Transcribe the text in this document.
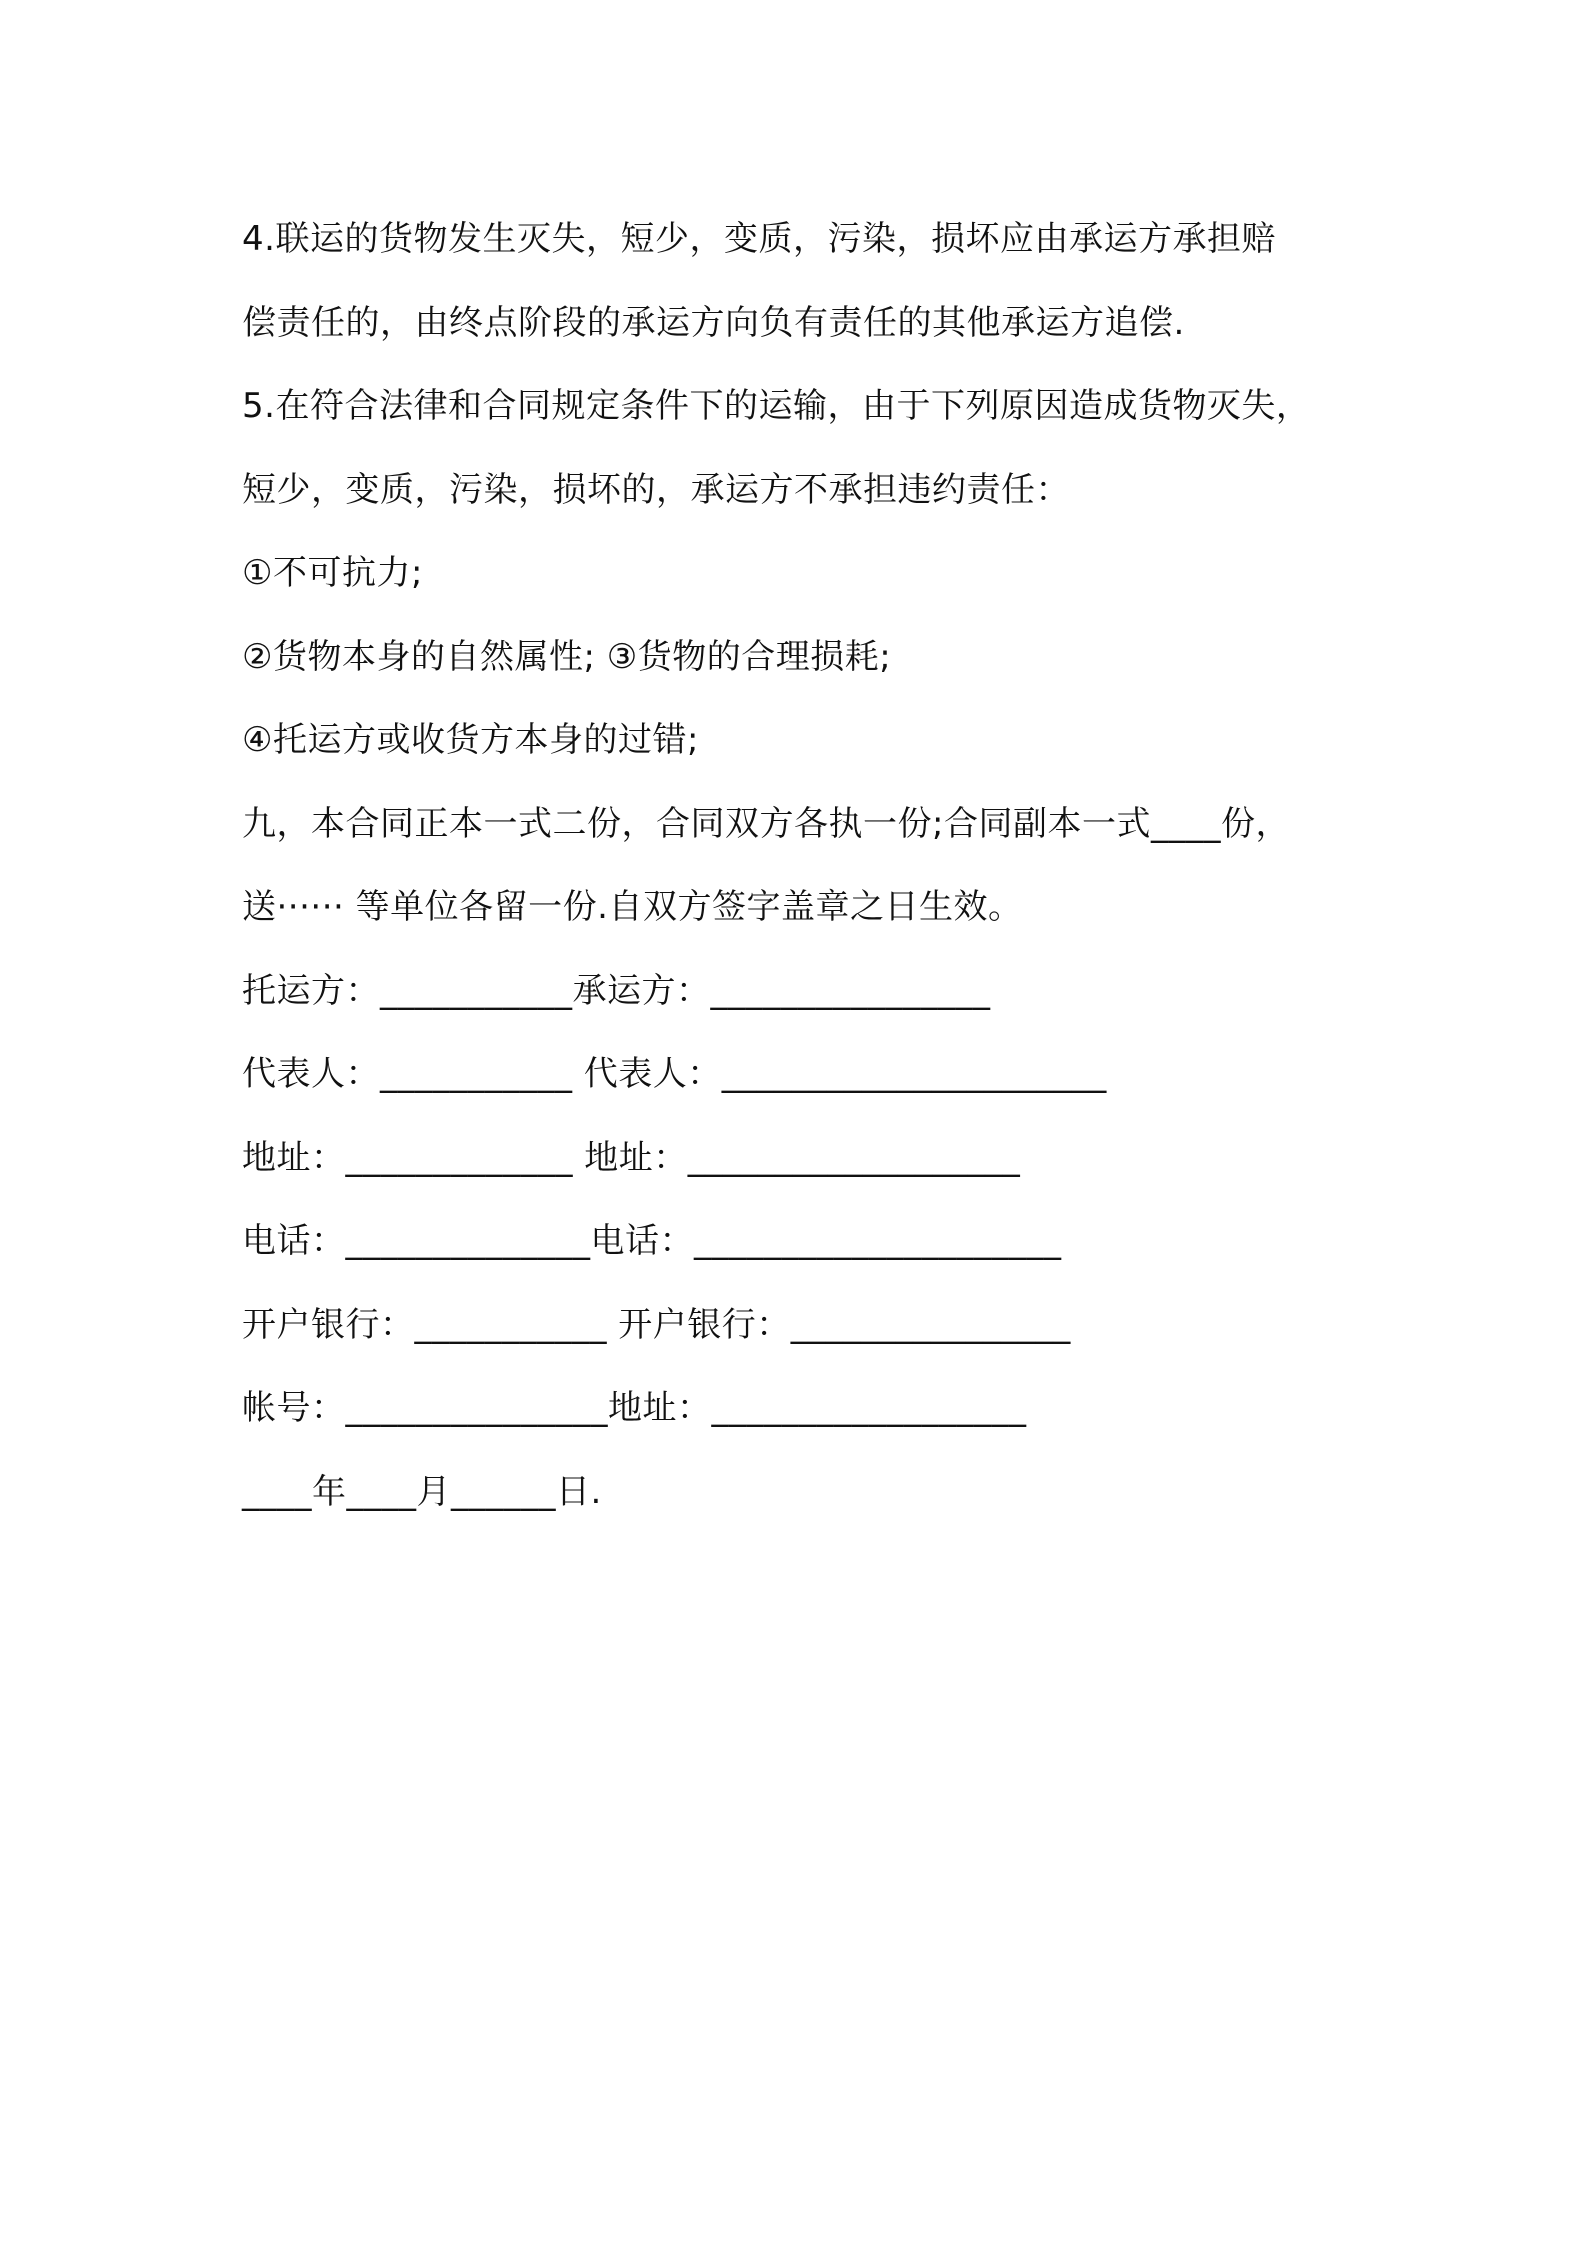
4.联运的货物发生灭失，短少，变质，污染，损坏应由承运方承担赔
偿责任的，由终点阶段的承运方向负有责任的其他承运方追偿.
5.在符合法律和合同规定条件下的运输，由于下列原因造成货物灭失，
短少，变质，污染，损坏的，承运方不承担违约责任：
①不可抗力;
②货物本身的自然属性; ③货物的合理损耗;
④托运方或收货方本身的过错;
九，本合同正本一式二份，合同双方各执一份;合同副本一式____份，
送······ 等单位各留一份.自双方签字盖章之日生效。
托运方：___________承运方：________________
代表人：___________ 代表人：______________________
地址：_____________ 地址：___________________
电话：______________电话：_____________________
开户银行：___________ 开户银行：________________
帐号：_______________地址：__________________
____年____月______日.
